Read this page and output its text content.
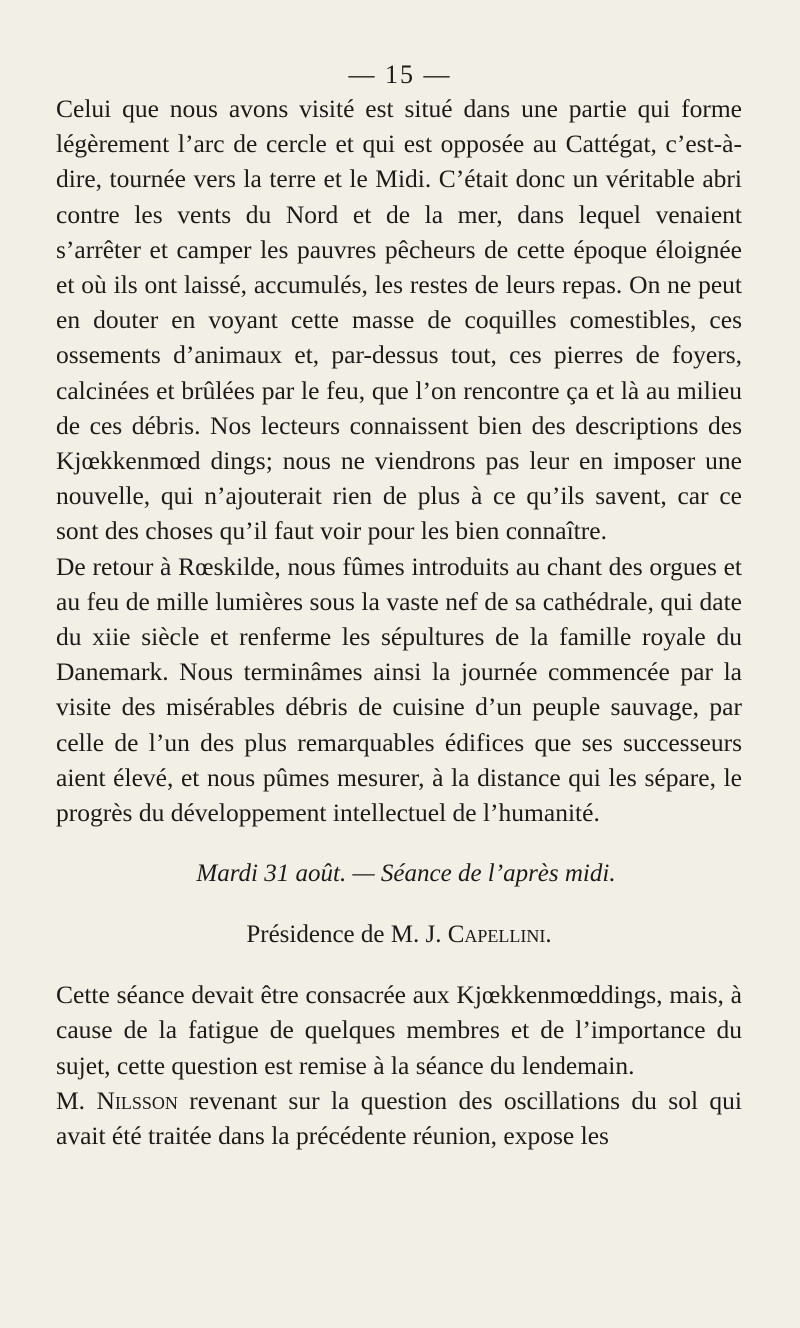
— 15 —

Celui que nous avons visité est situé dans une partie qui forme légèrement l’arc de cercle et qui est opposée au Cattégat, c’est-à-dire, tournée vers la terre et le Midi. C’était donc un véritable abri contre les vents du Nord et de la mer, dans lequel venaient s’arrêter et camper les pauvres pêcheurs de cette époque éloignée et où ils ont laissé, accumulés, les restes de leurs repas. On ne peut en douter en voyant cette masse de coquilles comestibles, ces ossements d’animaux et, par-dessus tout, ces pierres de foyers, calcinées et brûlées par le feu, que l’on rencontre ça et là au milieu de ces débris. Nos lecteurs connaissent bien des descriptions des Kjœkkenmœd dings; nous ne viendrons pas leur en imposer une nouvelle, qui n’ajouterait rien de plus à ce qu’ils savent, car ce sont des choses qu’il faut voir pour les bien connaître.

De retour à Rœskilde, nous fûmes introduits au chant des orgues et au feu de mille lumières sous la vaste nef de sa cathédrale, qui date du xiie siècle et renferme les sépultures de la famille royale du Danemark. Nous terminâmes ainsi la journée commencée par la visite des misérables débris de cuisine d’un peuple sauvage, par celle de l’un des plus remarquables édifices que ses successeurs aient élevé, et nous pûmes mesurer, à la distance qui les sépare, le progrès du développement intellectuel de l’humanité.

Mardi 31 août. — Séance de l’après midi.

Présidence de M. J. Capellini.

Cette séance devait être consacrée aux Kjœkkenmœddings, mais, à cause de la fatigue de quelques membres et de l’importance du sujet, cette question est remise à la séance du lendemain.

M. Nilsson revenant sur la question des oscillations du sol qui avait été traitée dans la précédente réunion, expose les
